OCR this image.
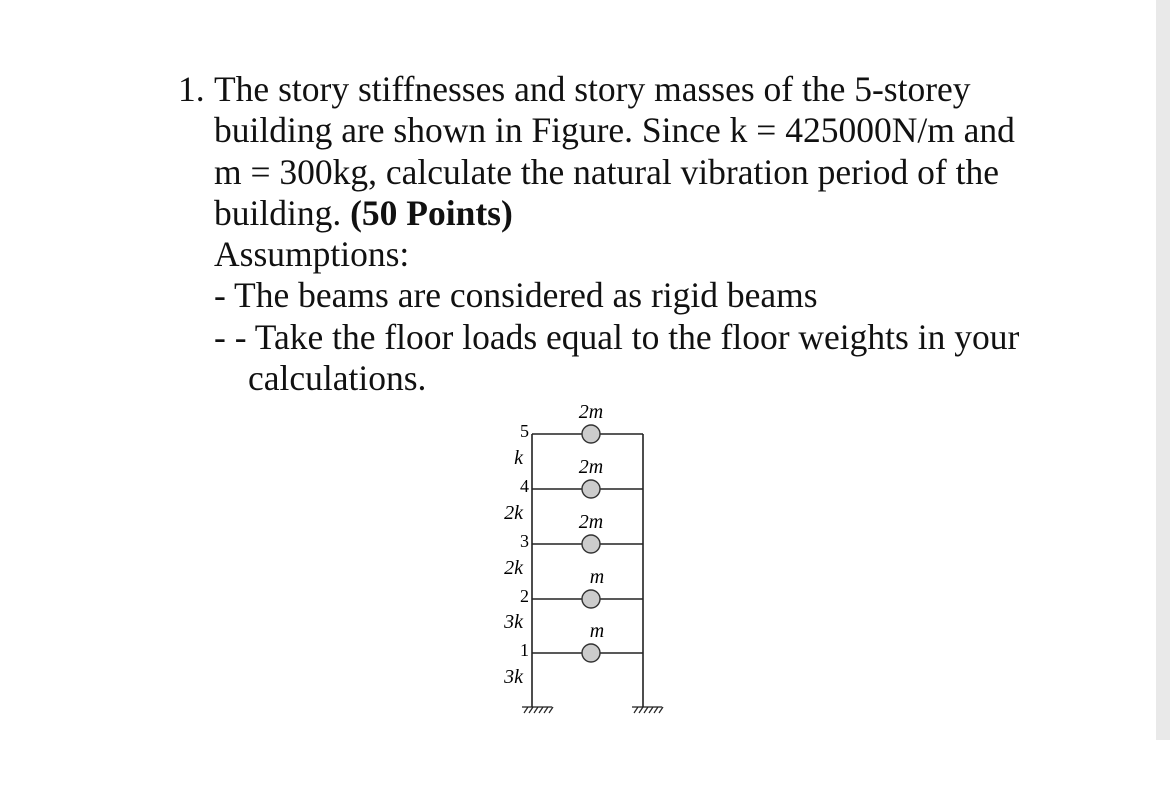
1. The story stiffnesses and story masses of the 5-storey
building are shown in Figure. Since k = 425000N/m and
m = 300kg, calculate the natural vibration period of the
building. (50 Points)
Assumptions:
- The beams are considered as rigid beams
- - Take the floor loads equal to the floor weights in your
calculations.
2m
2m
2m
m
m
5
4
3
2
1
k
2k
2k
3k
3k
